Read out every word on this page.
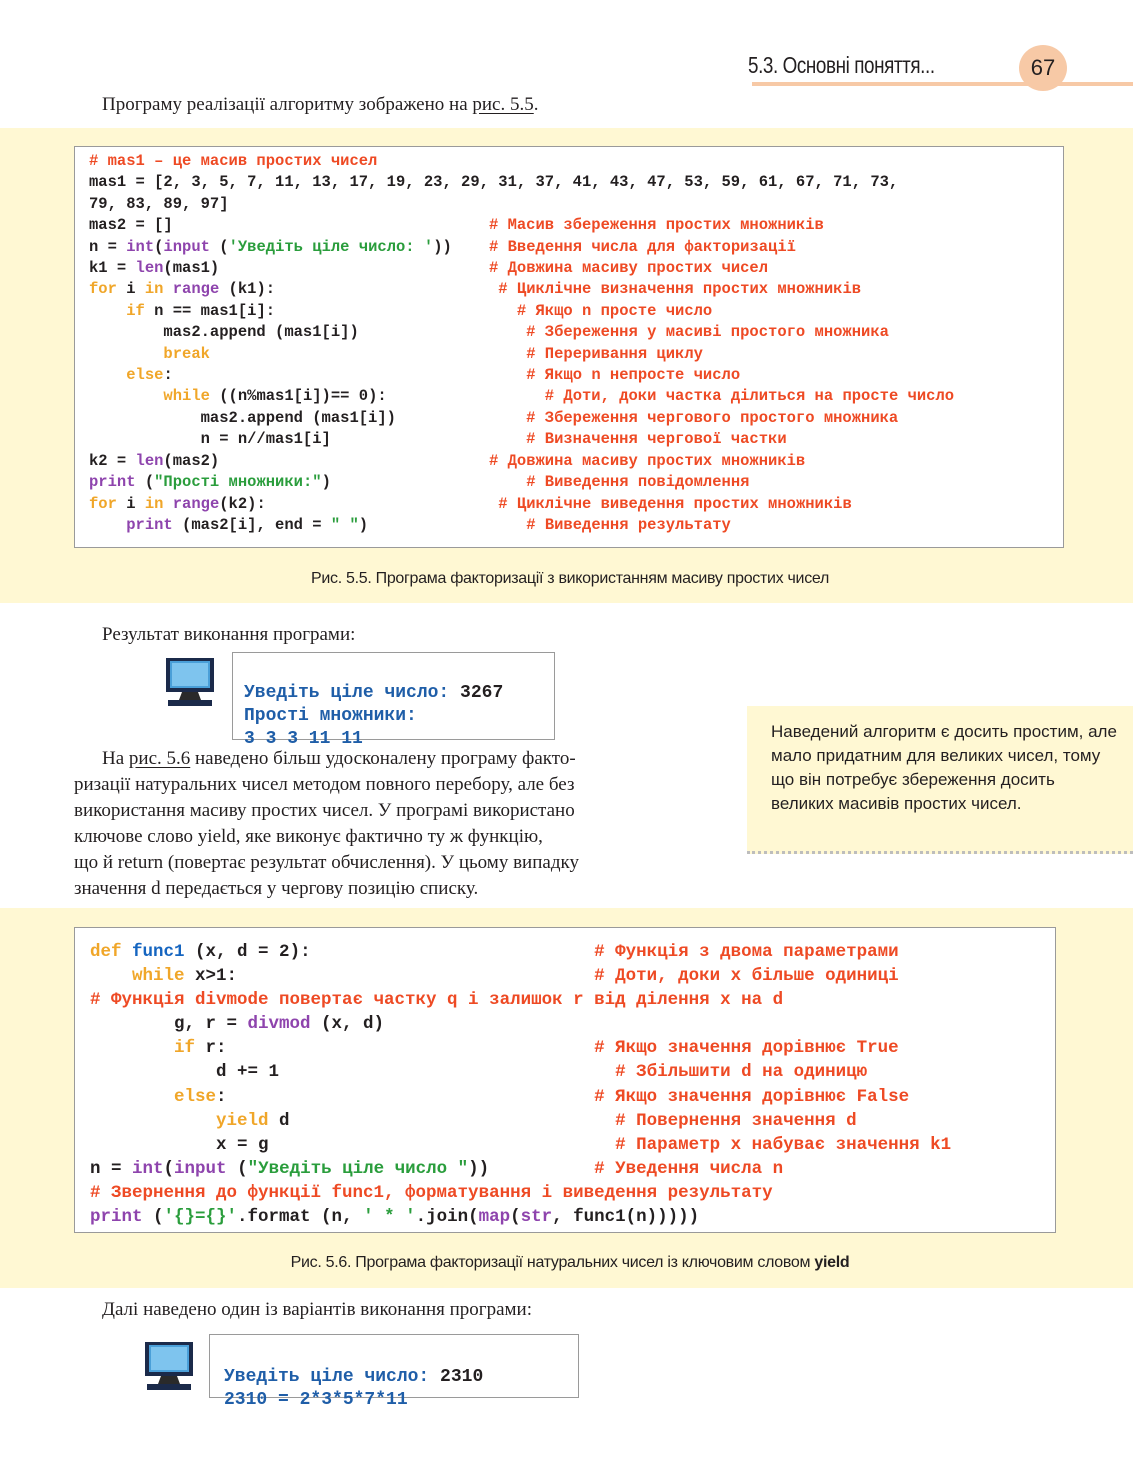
5.3. Основні поняття...	67
Програму реалізації алгоритму зображено на рис. 5.5.
# mas1 – це масив простих чисел
mas1 = [2, 3, 5, 7, 11, 13, 17, 19, 23, 29, 31, 37, 41, 43, 47, 53, 59, 61, 67, 71, 73,
79, 83, 89, 97]
mas2 = []                                  # Масив збереження простих множників
n = int(input ('Уведіть ціле число: '))    # Введення числа для факторизації
k1 = len(mas1)                             # Довжина масиву простих чисел
for i in range (k1):                        # Циклічне визначення простих множників
if n == mas1[i]:                          # Якщо n просте число
mas2.append (mas1[i])                  # Збереження у масиві простого множника
break	# Переривання циклу
else:                                      # Якщо n непросте число
while ((n%mas1[i])== 0):                 # Доти, доки частка ділиться на просте число
mas2.append (mas1[i])              # Збереження чергового простого множника
n = n//mas1[i]                     # Визначення чергової частки
k2 = len(mas2)                             # Довжина масиву простих множників
print ("Прості множники:")                     # Виведення повідомлення
for i in range(k2):                         # Циклічне виведення простих множників
print (mas2[i], end = " ")                 # Виведення результату
Рис. 5.5. Програма факторизації з використанням масиву простих чисел
Результат виконання програми:

Уведіть ціле число: 3267
Прості множники:
3 3 3 11 11	Наведений алгоритм є досить простим, але мало придатним для великих чисел, тому що він потребує збереження досить великих масивів простих чисел.
На рис. 5.6 наведено більш удосконалену програму факто-
ризації натуральних чисел методом повного перебору, але без
використання масиву простих чисел. У програмі використано
ключове слово yield, яке виконує фактично ту ж функцію,
що й return (повертає результат обчислення). У цьому випадку
значення d передається у чергову позицію списку.
def func1 (x, d = 2):                           # Функція з двома параметрами
while x>1:                                  # Доти, доки x більше одиниці
# Функція divmode повертає частку q і залишок r від ділення x на d
g, r = divmod (x, d)
if r:                                   # Якщо значення дорівнює True
d += 1                                # Збільшити d на одиницю
else:                                   # Якщо значення дорівнює False
yield d                               # Повернення значення d
x = g                                 # Параметр x набуває значення k1
n = int(input ("Уведіть ціле число "))          # Уведення числа n
# Звернення до функції func1, форматування і виведення результату
print ('{}={}'.format (n, ' * '.join(map(str, func1(n)))))
Рис. 5.6. Програма факторизації натуральних чисел із ключовим словом yield
Далі наведено один із варіантів виконання програми:

Уведіть ціле число: 2310
2310 = 2*3*5*7*11
